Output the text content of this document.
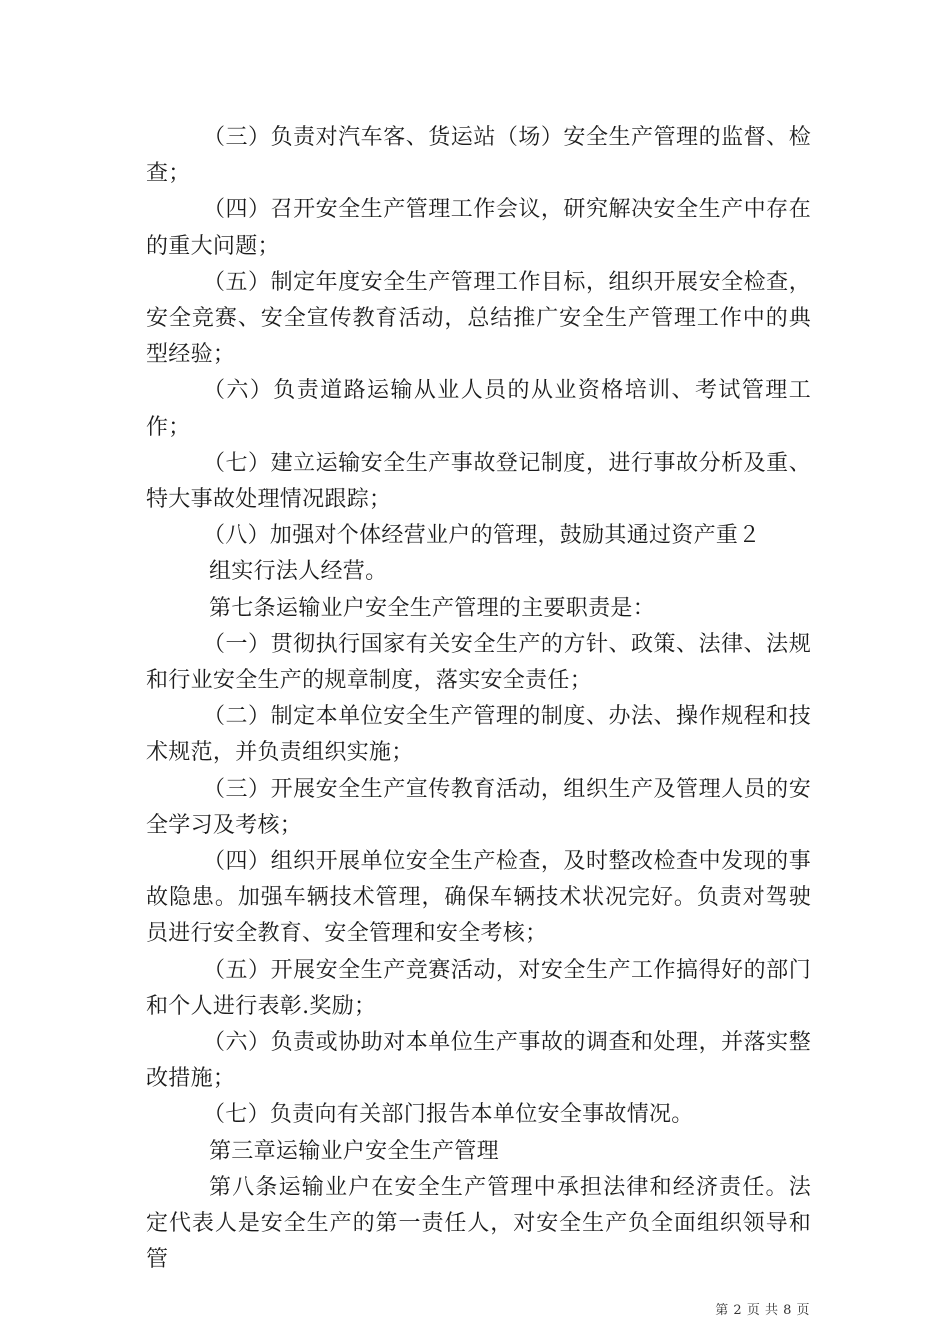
（三）负责对汽车客、货运站（场）安全生产管理的监督、检查；

（四）召开安全生产管理工作会议，研究解决安全生产中存在的重大问题；

（五）制定年度安全生产管理工作目标，组织开展安全检查，安全竞赛、安全宣传教育活动，总结推广安全生产管理工作中的典型经验；

（六）负责道路运输从业人员的从业资格培训、考试管理工作；

（七）建立运输安全生产事故登记制度，进行事故分析及重、特大事故处理情况跟踪；

（八）加强对个体经营业户的管理，鼓励其通过资产重２

组实行法人经营。

第七条运输业户安全生产管理的主要职责是：

（一）贯彻执行国家有关安全生产的方针、政策、法律、法规和行业安全生产的规章制度，落实安全责任；

（二）制定本单位安全生产管理的制度、办法、操作规程和技术规范，并负责组织实施；

（三）开展安全生产宣传教育活动，组织生产及管理人员的安全学习及考核；

（四）组织开展单位安全生产检查，及时整改检查中发现的事故隐患。加强车辆技术管理，确保车辆技术状况完好。负责对驾驶员进行安全教育、安全管理和安全考核；

（五）开展安全生产竞赛活动，对安全生产工作搞得好的部门和个人进行表彰.奖励；

（六）负责或协助对本单位生产事故的调查和处理，并落实整改措施；

（七）负责向有关部门报告本单位安全事故情况。

第三章运输业户安全生产管理

第八条运输业户在安全生产管理中承担法律和经济责任。法定代表人是安全生产的第一责任人，对安全生产负全面组织领导和管

第 2 页 共 8 页
